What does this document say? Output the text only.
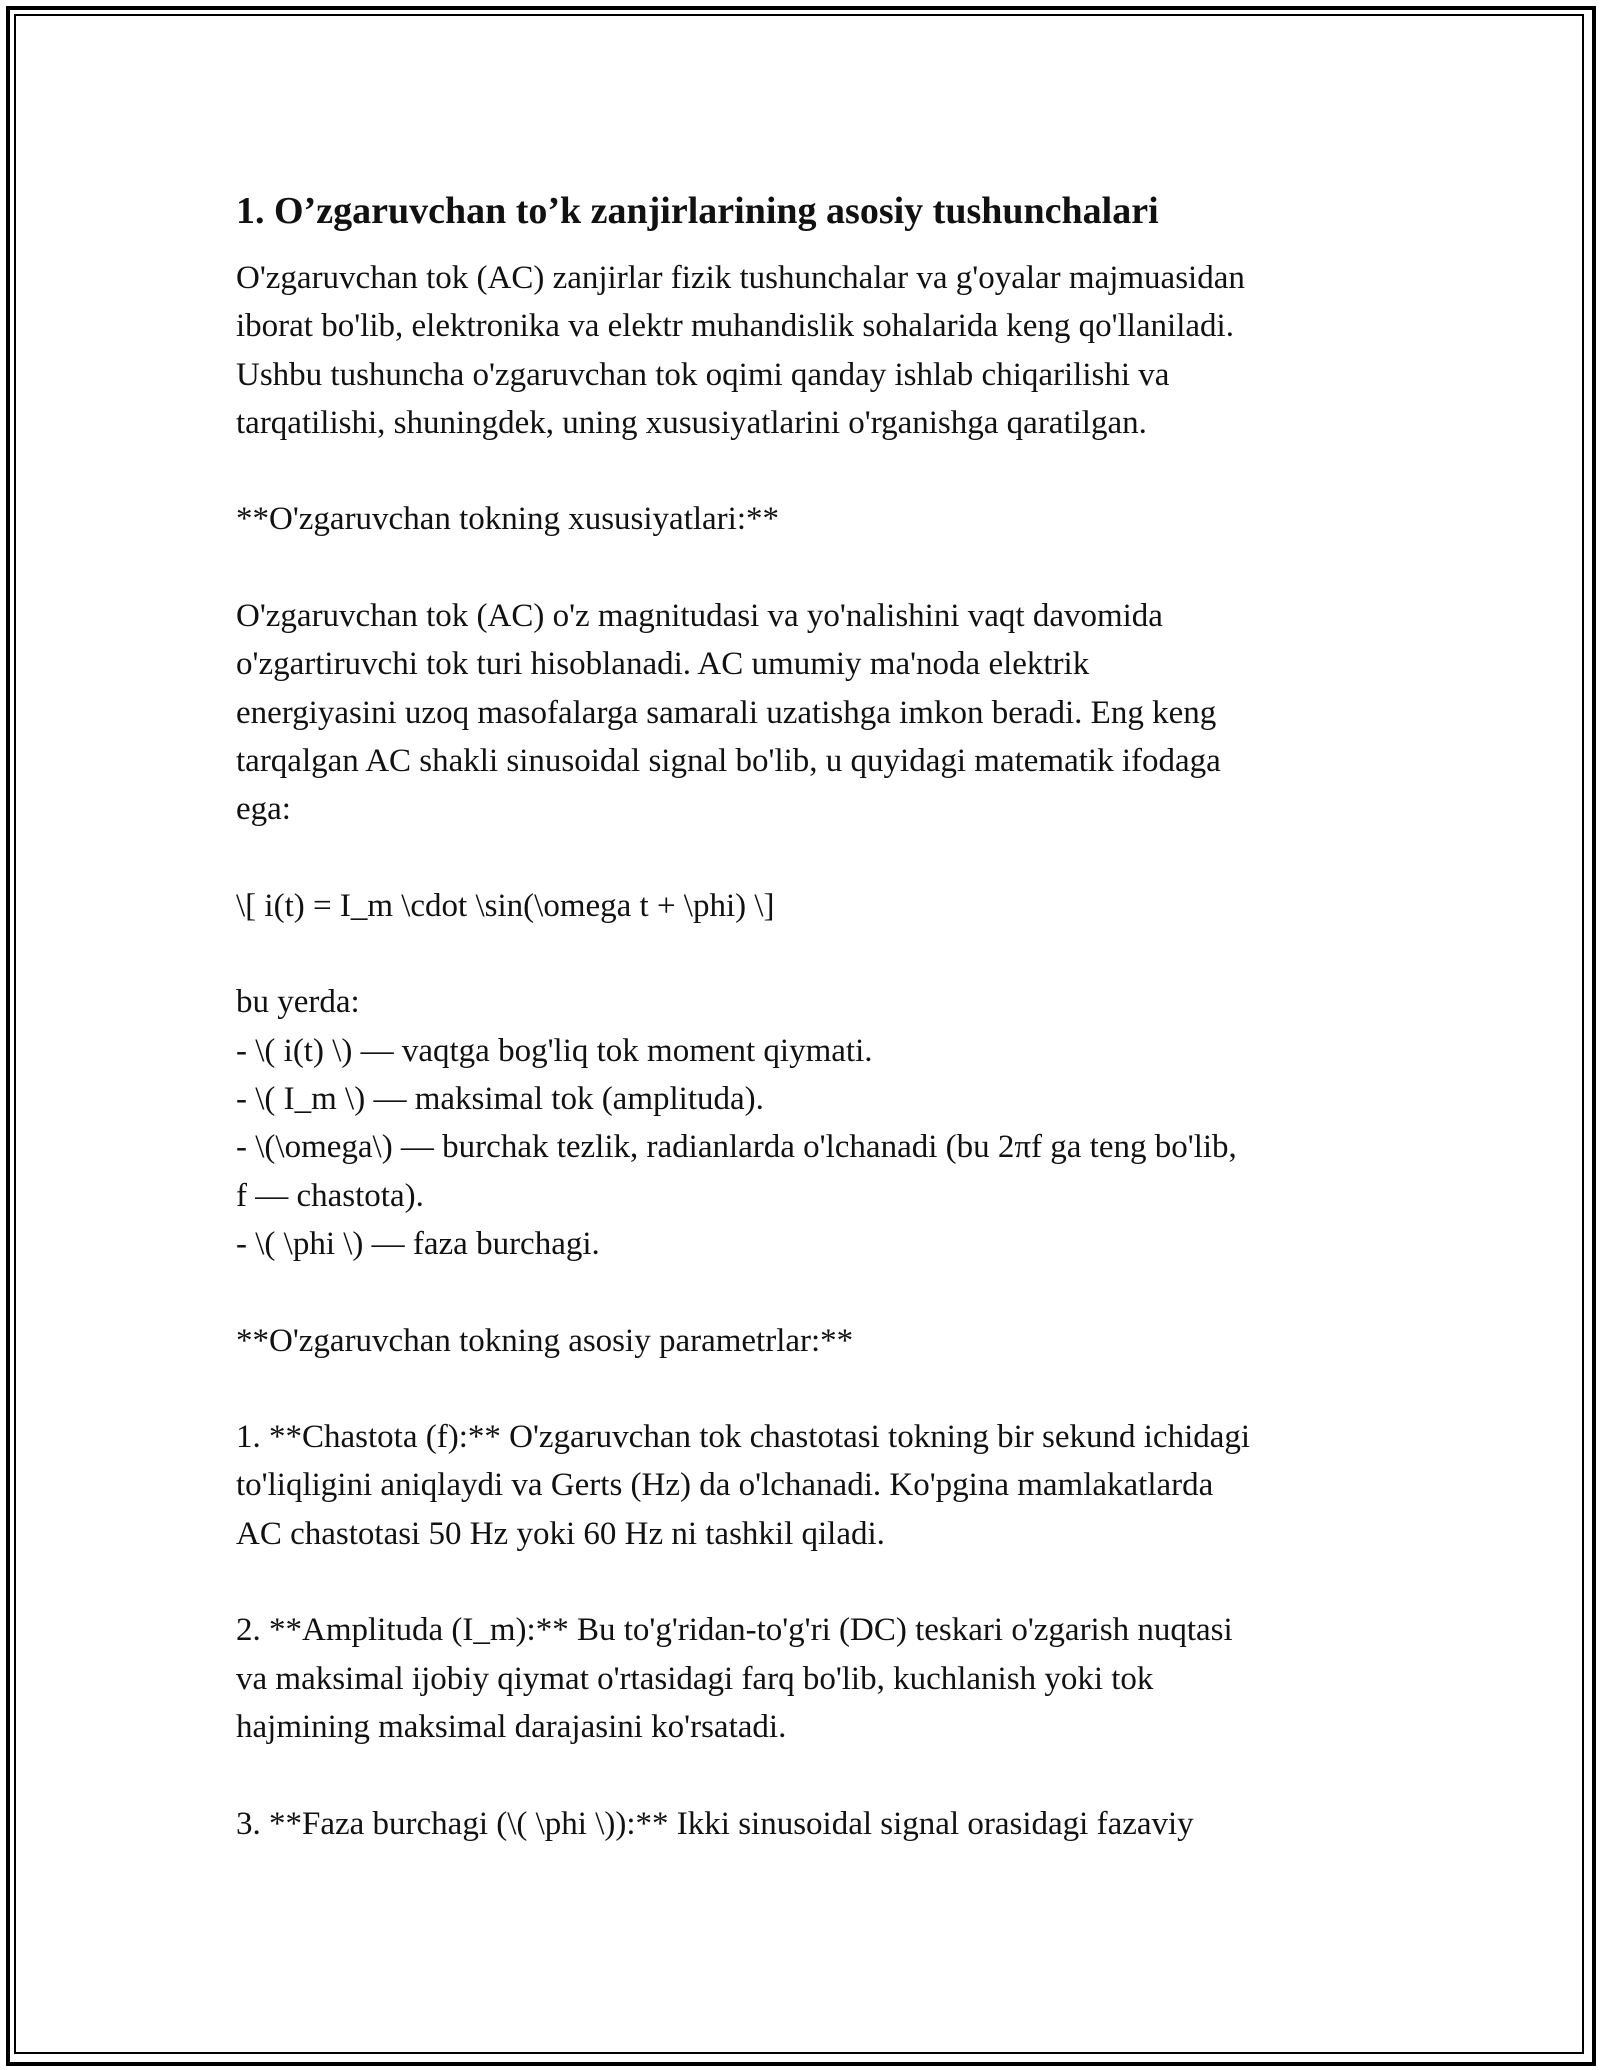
1. O’zgaruvchan to’k zanjirlarining asosiy tushunchalari
O'zgaruvchan tok (AC) zanjirlar fizik tushunchalar va g'oyalar majmuasidan
iborat bo'lib, elektronika va elektr muhandislik sohalarida keng qo'llaniladi.
Ushbu tushuncha o'zgaruvchan tok oqimi qanday ishlab chiqarilishi va
tarqatilishi, shuningdek, uning xususiyatlarini o'rganishga qaratilgan.
**O'zgaruvchan tokning xususiyatlari:**
O'zgaruvchan tok (AC) o'z magnitudasi va yo'nalishini vaqt davomida
o'zgartiruvchi tok turi hisoblanadi. AC umumiy ma'noda elektrik
energiyasini uzoq masofalarga samarali uzatishga imkon beradi. Eng keng
tarqalgan AC shakli sinusoidal signal bo'lib, u quyidagi matematik ifodaga
ega:
\[ i(t) = I_m \cdot \sin(\omega t + \phi) \]
bu yerda:
- \( i(t) \) — vaqtga bog'liq tok moment qiymati.
- \( I_m \) — maksimal tok (amplituda).
- \(\omega\) — burchak tezlik, radianlarda o'lchanadi (bu 2πf ga teng bo'lib,
f — chastota).
- \( \phi \) — faza burchagi.
**O'zgaruvchan tokning asosiy parametrlar:**
1. **Chastota (f):** O'zgaruvchan tok chastotasi tokning bir sekund ichidagi
to'liqligini aniqlaydi va Gerts (Hz) da o'lchanadi. Ko'pgina mamlakatlarda
AC chastotasi 50 Hz yoki 60 Hz ni tashkil qiladi.
2. **Amplituda (I_m):** Bu to'g'ridan-to'g'ri (DC) teskari o'zgarish nuqtasi
va maksimal ijobiy qiymat o'rtasidagi farq bo'lib, kuchlanish yoki tok
hajmining maksimal darajasini ko'rsatadi.
3. **Faza burchagi (\( \phi \)):** Ikki sinusoidal signal orasidagi fazaviy
